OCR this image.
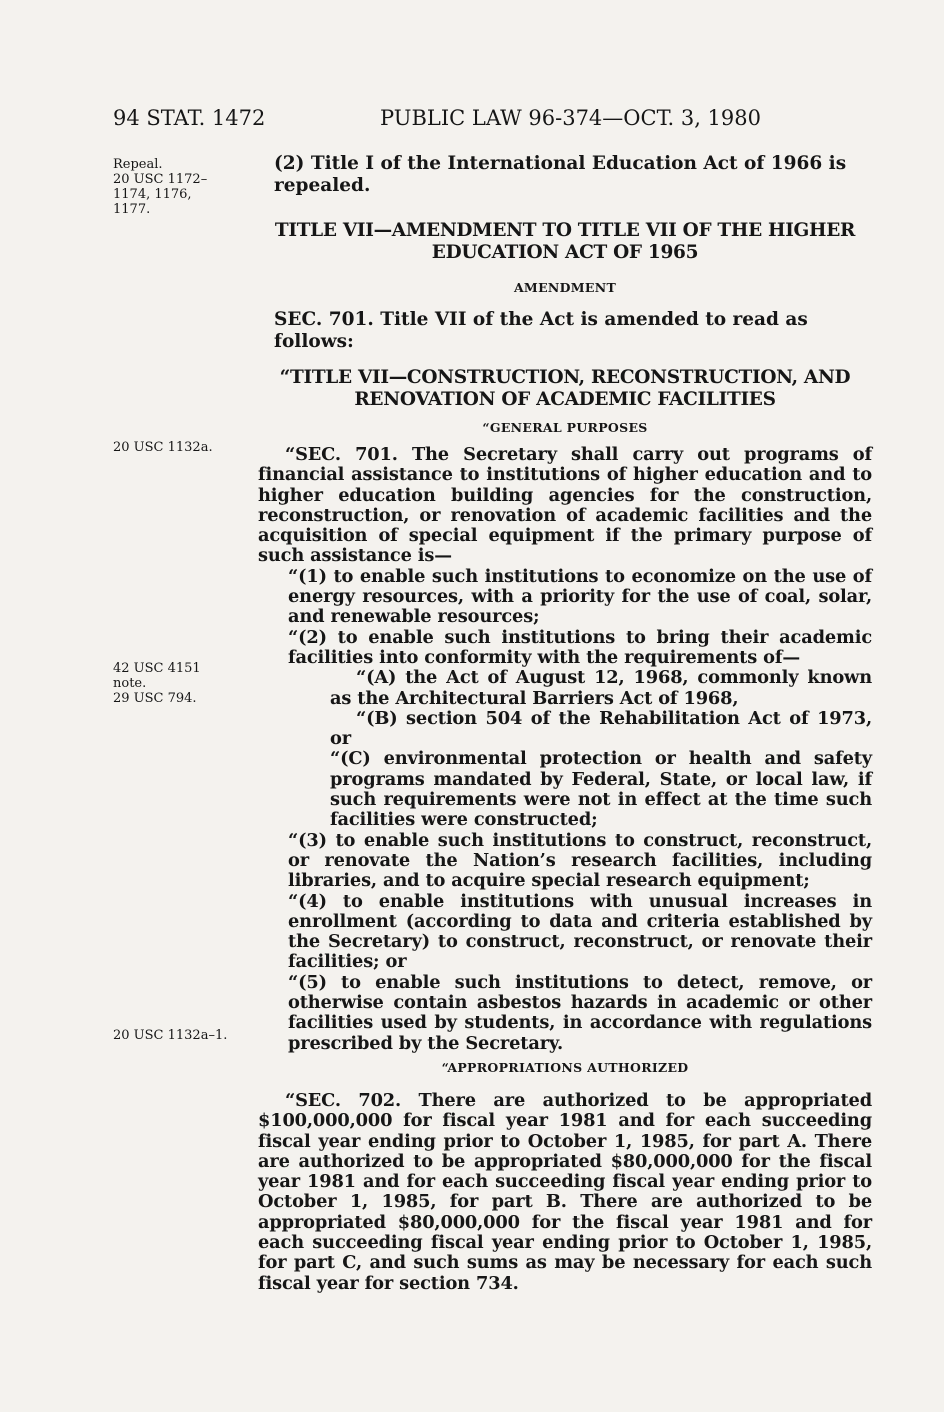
94 STAT. 1472	PUBLIC LAW 96-374—OCT. 3, 1980
Repeal.
20 USC 1172–
1174, 1176,
1177.
20 USC 1132a.
42 USC 4151
note.
29 USC 794.
20 USC 1132a–1.
(2) Title I of the International Education Act of 1966 is repealed.
TITLE VII—AMENDMENT TO TITLE VII OF THE HIGHER
EDUCATION ACT OF 1965
AMENDMENT
SEC. 701. Title VII of the Act is amended to read as follows:
“TITLE VII—CONSTRUCTION, RECONSTRUCTION, AND
RENOVATION OF ACADEMIC FACILITIES
“GENERAL PURPOSES
“SEC. 701. The Secretary shall carry out programs of financial assistance to institutions of higher education and to higher education building agencies for the construction, reconstruction, or renovation of academic facilities and the acquisition of special equipment if the primary purpose of such assistance is—
“(1) to enable such institutions to economize on the use of energy resources, with a priority for the use of coal, solar, and renewable resources;
“(2) to enable such institutions to bring their academic facilities into conformity with the requirements of—
“(A) the Act of August 12, 1968, commonly known as the Architectural Barriers Act of 1968,
“(B) section 504 of the Rehabilitation Act of 1973, or
“(C) environmental protection or health and safety programs mandated by Federal, State, or local law, if such requirements were not in effect at the time such facilities were constructed;
“(3) to enable such institutions to construct, reconstruct, or renovate the Nation’s research facilities, including libraries, and to acquire special research equipment;
“(4) to enable institutions with unusual increases in enrollment (according to data and criteria established by the Secretary) to construct, reconstruct, or renovate their facilities; or
“(5) to enable such institutions to detect, remove, or otherwise contain asbestos hazards in academic or other facilities used by students, in accordance with regulations prescribed by the Secretary.
“APPROPRIATIONS AUTHORIZED
“SEC. 702. There are authorized to be appropriated $100,000,000 for fiscal year 1981 and for each succeeding fiscal year ending prior to October 1, 1985, for part A. There are authorized to be appropriated $80,000,000 for the fiscal year 1981 and for each succeeding fiscal year ending prior to October 1, 1985, for part B. There are authorized to be appropriated $80,000,000 for the fiscal year 1981 and for each succeeding fiscal year ending prior to October 1, 1985, for part C, and such sums as may be necessary for each such fiscal year for section 734.
